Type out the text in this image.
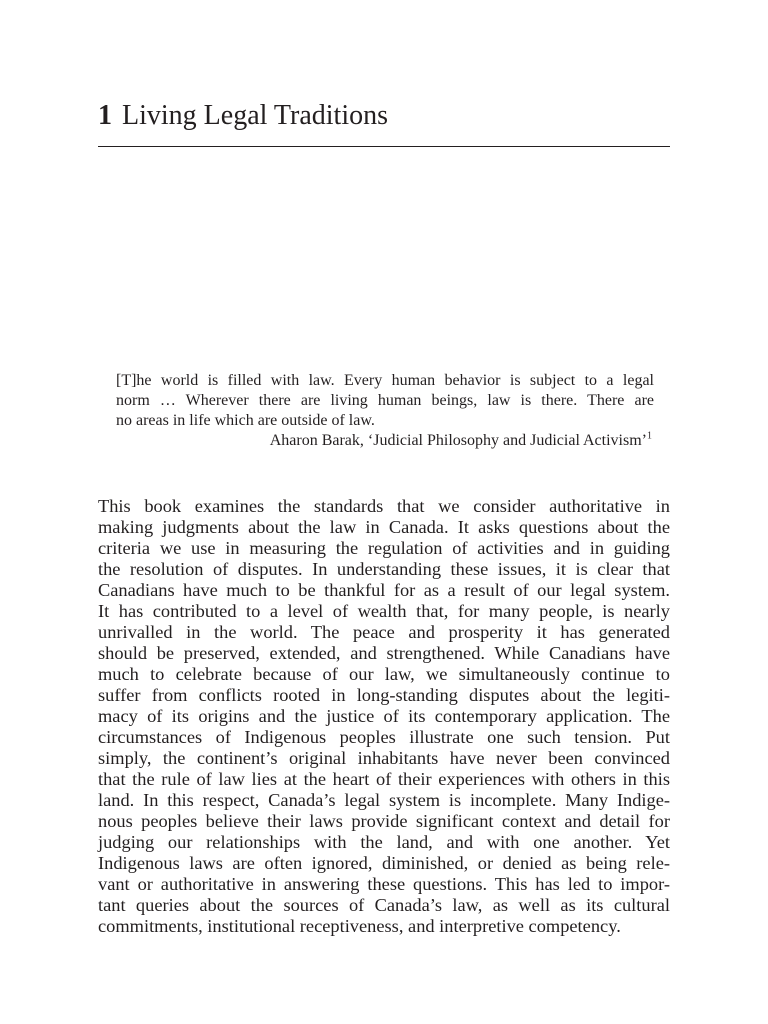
1 Living Legal Traditions
[T]he world is filled with law. Every human behavior is subject to a legal
norm … Wherever there are living human beings, law is there. There are
no areas in life which are outside of law.
Aharon Barak, ‘Judicial Philosophy and Judicial Activism’$^1$
This book examines the standards that we consider authoritative in
making judgments about the law in Canada. It asks questions about the
criteria we use in measuring the regulation of activities and in guiding
the resolution of disputes. In understanding these issues, it is clear that
Canadians have much to be thankful for as a result of our legal system.
It has contributed to a level of wealth that, for many people, is nearly
unrivalled in the world. The peace and prosperity it has generated
should be preserved, extended, and strengthened. While Canadians have
much to celebrate because of our law, we simultaneously continue to
suffer from conflicts rooted in long-standing disputes about the legiti-
macy of its origins and the justice of its contemporary application. The
circumstances of Indigenous peoples illustrate one such tension. Put
simply, the continent’s original inhabitants have never been convinced
that the rule of law lies at the heart of their experiences with others in this
land. In this respect, Canada’s legal system is incomplete. Many Indige-
nous peoples believe their laws provide significant context and detail for
judging our relationships with the land, and with one another. Yet
Indigenous laws are often ignored, diminished, or denied as being rele-
vant or authoritative in answering these questions. This has led to impor-
tant queries about the sources of Canada’s law, as well as its cultural
commitments, institutional receptiveness, and interpretive competency.
